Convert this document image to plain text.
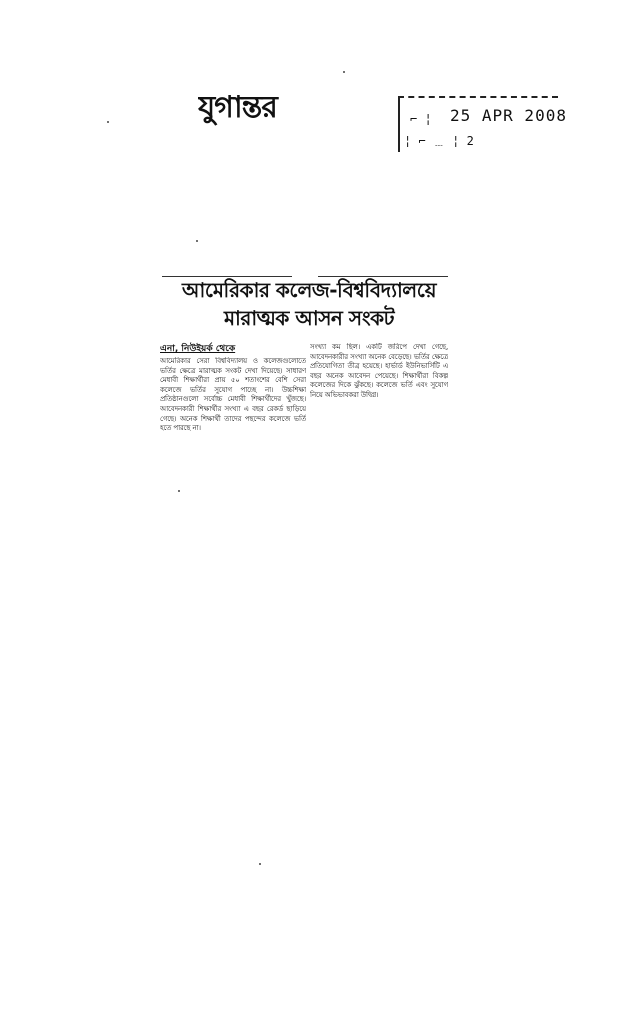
যুগান্তর	⌐ ¦ 25 APR 2008
¦ ⌐ ﹍ ¦ 2
আমেরিকার কলেজ-বিশ্ববিদ্যালয়ে
মারাত্মক আসন সংকট
এনা, নিউইয়র্ক থেকে
আমেরিকার সেরা বিশ্ববিদ্যালয় ও কলেজগুলোতে ভর্তির ক্ষেত্রে মারাত্মক সংকট দেখা দিয়েছে। সাধারণ মেধাবী শিক্ষার্থীরা প্রায় ৫০ শতাংশের বেশি সেরা কলেজে ভর্তির সুযোগ পাচ্ছে না। উচ্চশিক্ষা প্রতিষ্ঠানগুলো সর্বোচ্চ মেধাবী শিক্ষার্থীদের খুঁজছে। আবেদনকারী শিক্ষার্থীর সংখ্যা এ বছর রেকর্ড ছাড়িয়ে গেছে। অনেক শিক্ষার্থী তাদের পছন্দের কলেজে ভর্তি হতে পারছে না।
সংখ্যা কম ছিল। একটি জরিপে দেখা গেছে, আবেদনকারীর সংখ্যা অনেক বেড়েছে। ভর্তির ক্ষেত্রে প্রতিযোগিতা তীব্র হয়েছে। হার্ভার্ড ইউনিভার্সিটি এ বছর অনেক আবেদন পেয়েছে। শিক্ষার্থীরা বিকল্প কলেজের দিকে ঝুঁকছে। কলেজে ভর্তি এবং সুযোগ নিয়ে অভিভাবকরা উদ্বিগ্ন।
